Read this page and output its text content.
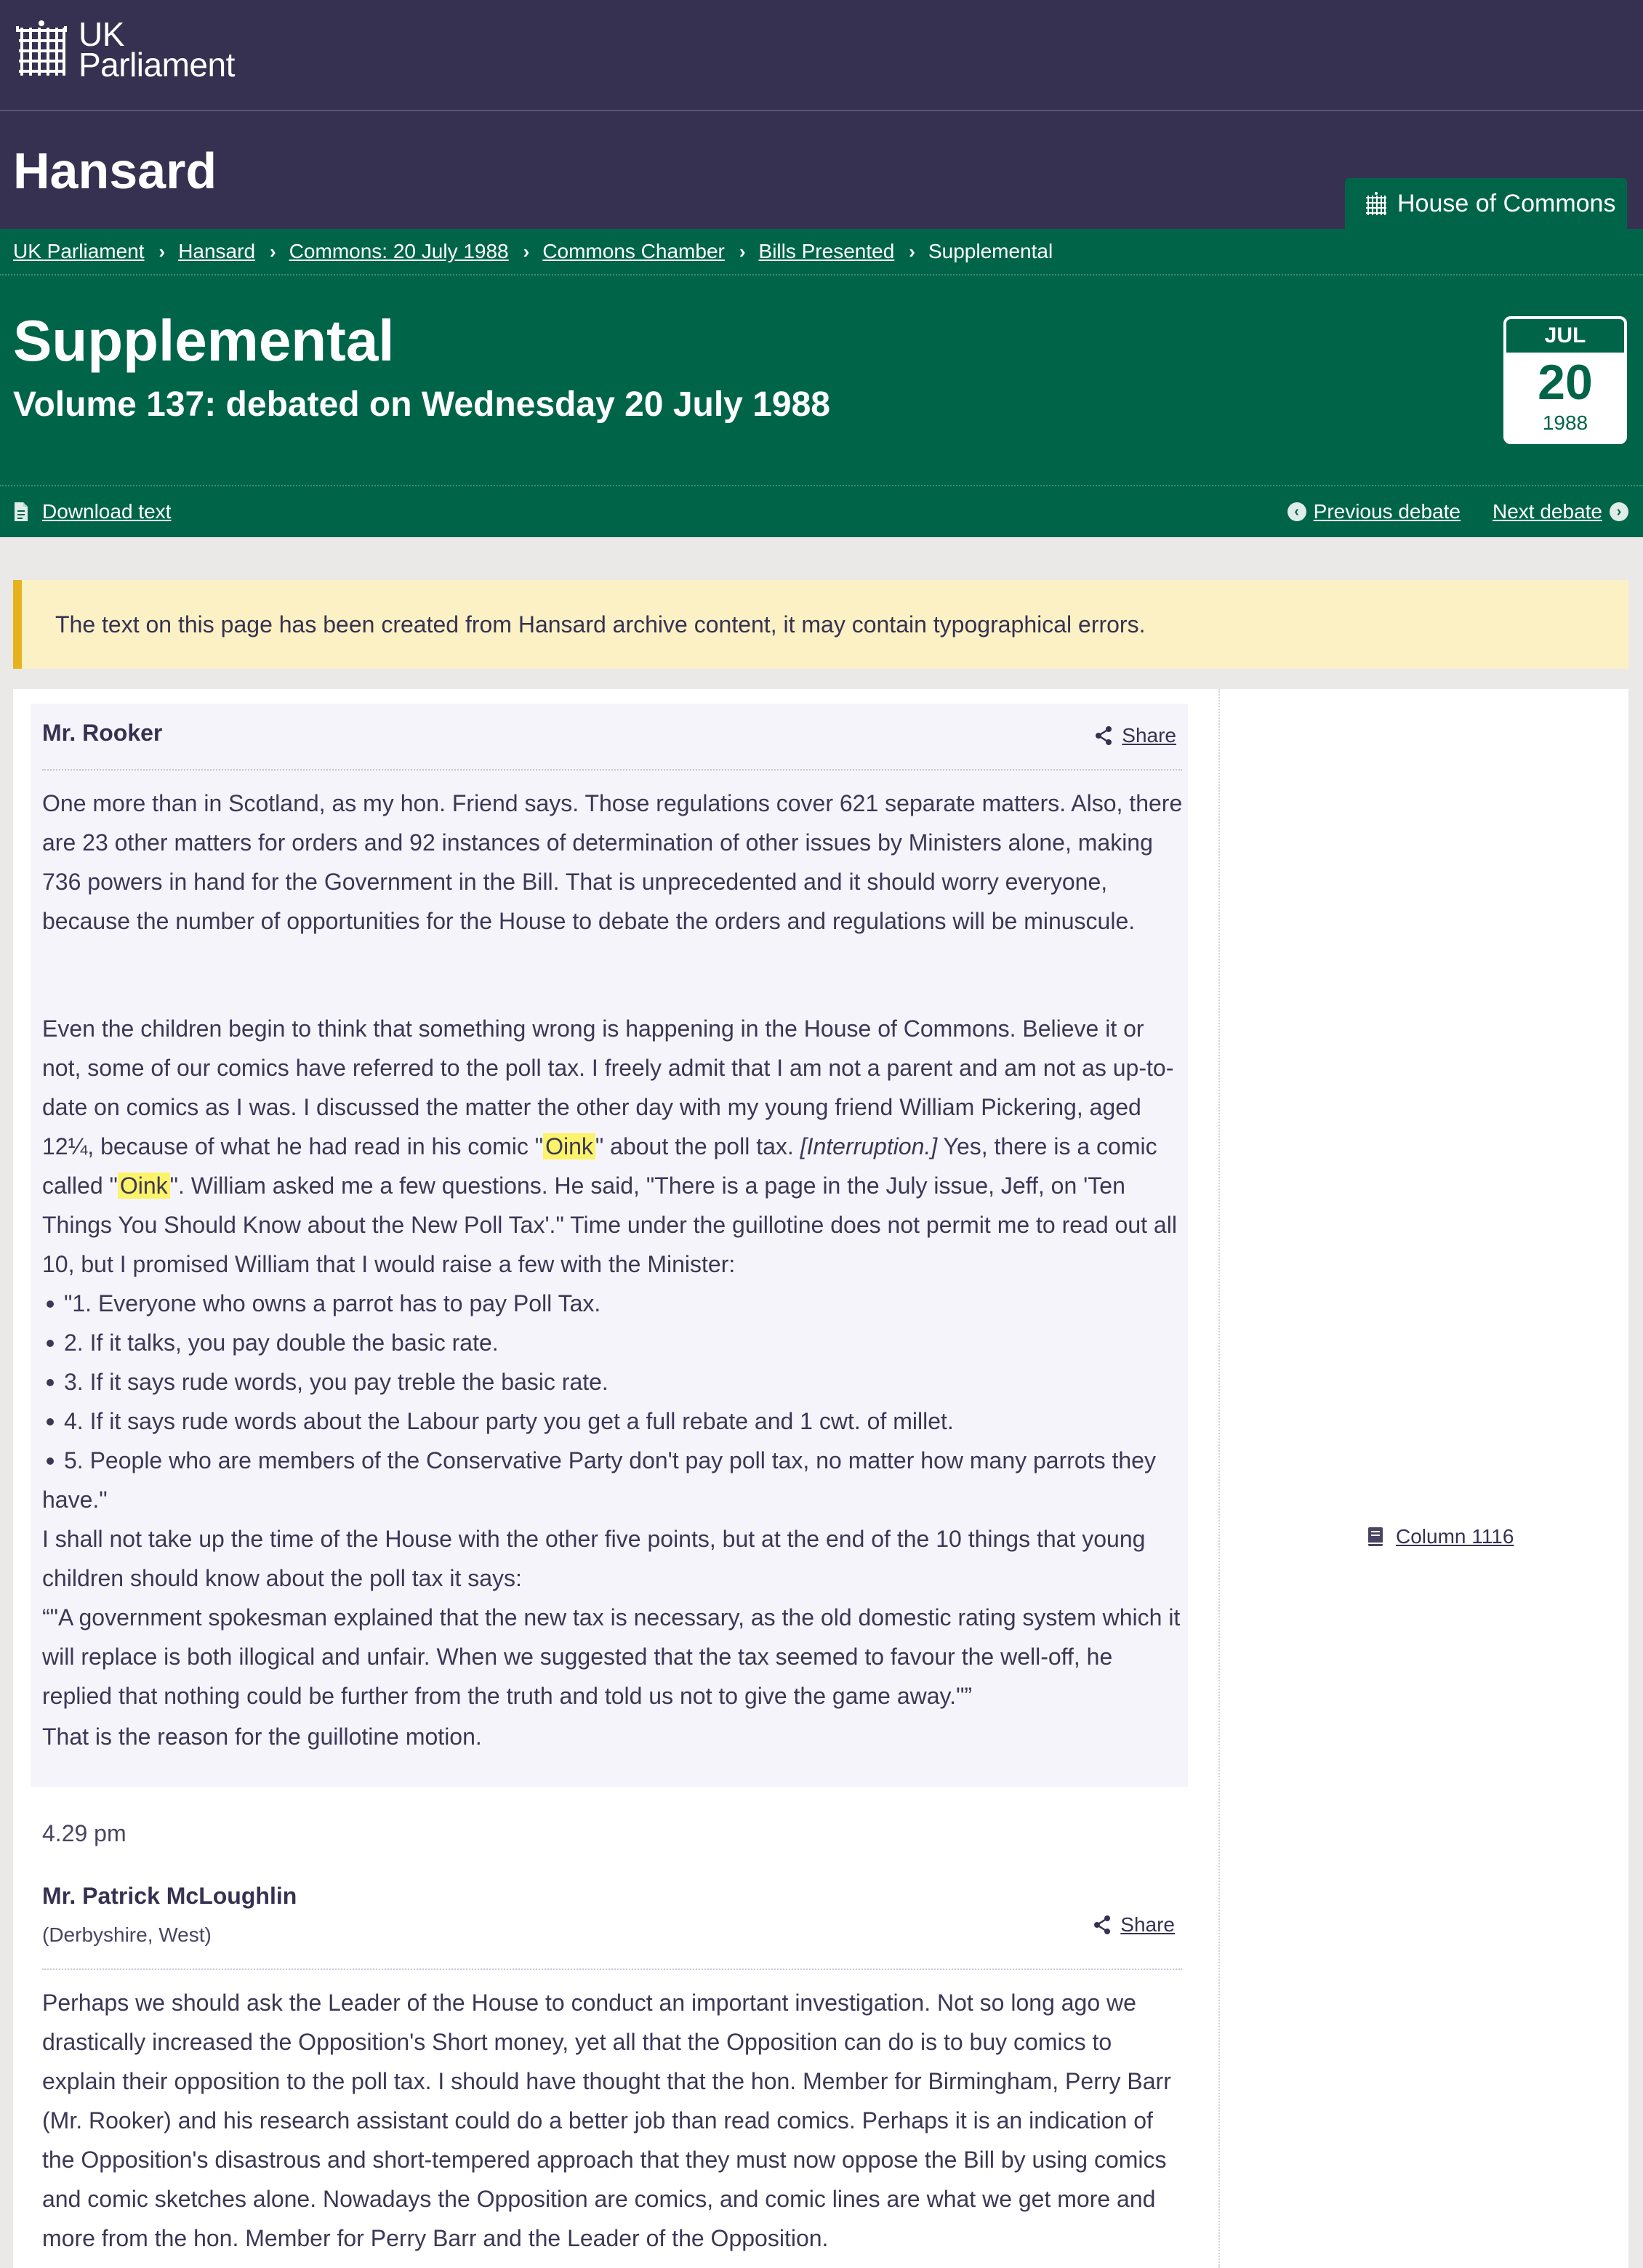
UK
Parliament
Hansard
House of Commons
UK Parliament › Hansard › Commons: 20 July 1988 › Commons Chamber › Bills Presented › Supplemental
Supplemental
Volume 137: debated on Wednesday 20 July 1988
JUL
20
1988
Download text	‹ Previous debate Next debate ›
The text on this page has been created from Hansard archive content, it may contain typographical errors.
Mr. Rooker	Share

One more than in Scotland, as my hon. Friend says. Those regulations cover 621 separate matters. Also, there are 23 other matters for orders and 92 instances of determination of other issues by Ministers alone, making 736 powers in hand for the Government in the Bill. That is unprecedented and it should worry everyone, because the number of opportunities for the House to debate the orders and regulations will be minuscule.

Even the children begin to think that something wrong is happening in the House of Commons. Believe it or not, some of our comics have referred to the poll tax. I freely admit that I am not a parent and am not as up-to-date on comics as I was. I discussed the matter the other day with my young friend William Pickering, aged 12¼, because of what he had read in his comic "Oink" about the poll tax. [Interruption.] Yes, there is a comic called "Oink". William asked me a few questions. He said, "There is a page in the July issue, Jeff, on 'Ten Things You Should Know about the New Poll Tax'." Time under the guillotine does not permit me to read out all 10, but I promised William that I would raise a few with the Minister:
"1. Everyone who owns a parrot has to pay Poll Tax.
2. If it talks, you pay double the basic rate.
3. If it says rude words, you pay treble the basic rate.
4. If it says rude words about the Labour party you get a full rebate and 1 cwt. of millet.
5. People who are members of the Conservative Party don't pay poll tax, no matter how many parrots they
have."
I shall not take up the time of the House with the other five points, but at the end of the 10 things that young children should know about the poll tax it says:
“"A government spokesman explained that the new tax is necessary, as the old domestic rating system which it will replace is both illogical and unfair. When we suggested that the tax seemed to favour the well-off, he replied that nothing could be further from the truth and told us not to give the game away."”

That is the reason for the guillotine motion.

4.29 pm
Mr. Patrick McLoughlin
(Derbyshire, West)	Share

Perhaps we should ask the Leader of the House to conduct an important investigation. Not so long ago we drastically increased the Opposition's Short money, yet all that the Opposition can do is to buy comics to explain their opposition to the poll tax. I should have thought that the hon. Member for Birmingham, Perry Barr (Mr. Rooker) and his research assistant could do a better job than read comics. Perhaps it is an indication of the Opposition's disastrous and short-tempered approach that they must now oppose the Bill by using comics and comic sketches alone. Nowadays the Opposition are comics, and comic lines are what we get more and more from the hon. Member for Perry Barr and the Leader of the Opposition.

Column 1116
